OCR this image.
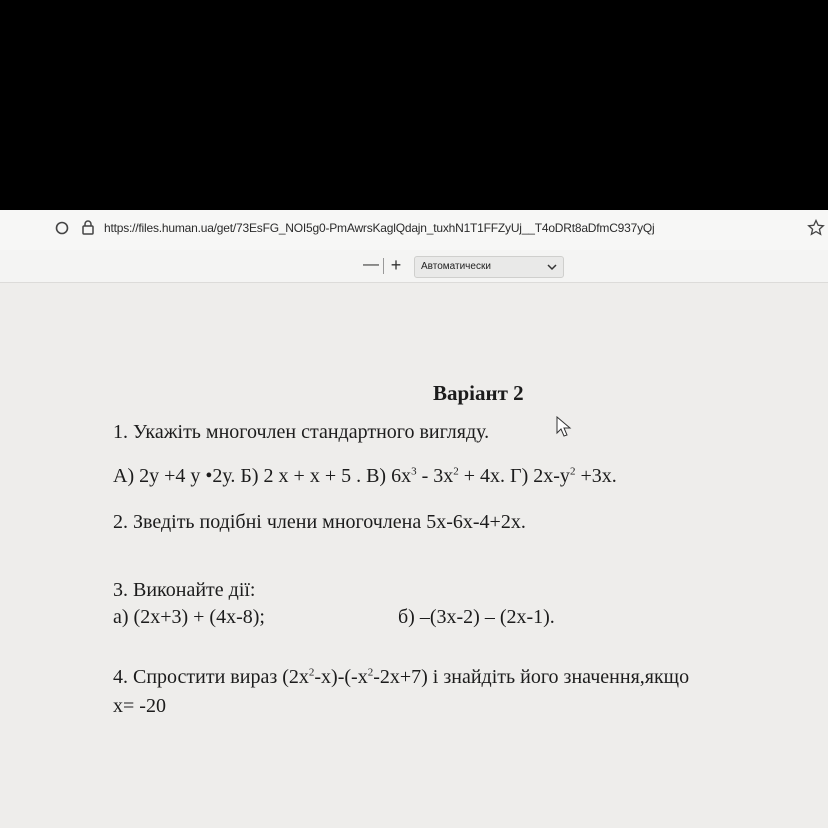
https://files.human.ua/get/73EsFG_NOI5g0-PmAwrsKaglQdajn_tuxhN1T1FFZyUj__T4oDRt8aDfmC937yQj
— + Автоматически
Варіант 2
1. Укажіть многочлен стандартного вигляду.
А) 2у +4 у •2у. Б) 2 х + х + 5 . В) $6х^3 - 3х^2 + 4х$. Г) $2х-у^2 +3х$.
2. Зведіть подібні члени многочлена 5х-6х-4+2х.
3. Виконайте дії:
а) (2х+3) + (4х-8);	б) –(3х-2) – (2х-1).
4. Спростити вираз $(2х^2-х)-(-х^2-2х+7)$ і знайдіть його значення,якщо
х= -20
